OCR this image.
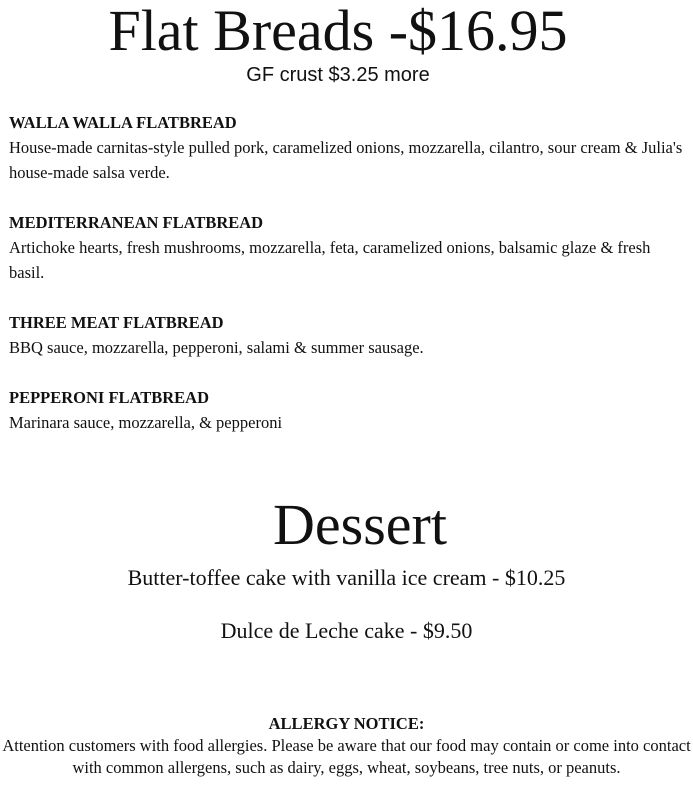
Flat Breads -$16.95
GF crust $3.25 more
WALLA WALLA FLATBREAD
House-made carnitas-style pulled pork, caramelized onions, mozzarella, cilantro, sour cream & Julia's house-made salsa verde.
MEDITERRANEAN FLATBREAD
Artichoke hearts, fresh mushrooms, mozzarella, feta, caramelized onions, balsamic glaze & fresh basil.
THREE MEAT FLATBREAD
BBQ sauce, mozzarella, pepperoni, salami & summer sausage.
PEPPERONI FLATBREAD
Marinara sauce, mozzarella, & pepperoni
Dessert
Butter-toffee cake with vanilla ice cream - $10.25
Dulce de Leche cake - $9.50
ALLERGY NOTICE:
Attention customers with food allergies. Please be aware that our food may contain or come into contact with common allergens, such as dairy, eggs, wheat, soybeans, tree nuts, or peanuts.
